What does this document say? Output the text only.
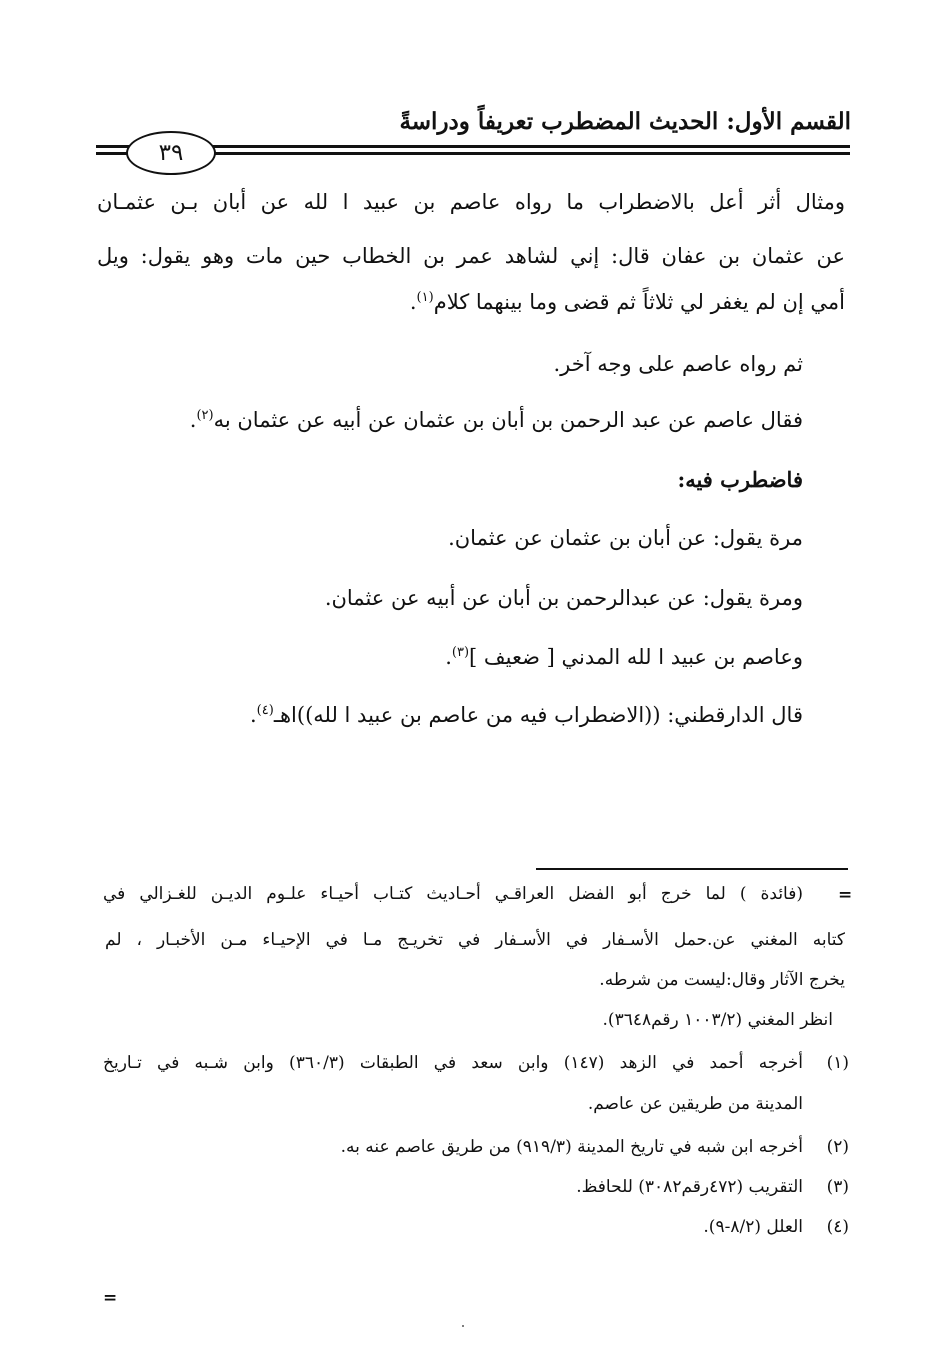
القسم الأول: الحديث المضطرب تعريفاً ودراسةً
٣٩
ومثال أثر أعل بالاضطراب ما رواه عاصم بن عبيد ا لله عن أبان بـن عثمـان
عن عثمان بن عفان قال: إني لشاهد عمر بن الخطاب حين مات وهو يقول: ويل
أمي إن لم يغفر لي ثلاثاً ثم قضى وما بينهما كلام$^{(١)}$.
ثم رواه عاصم على وجه آخر.
فقال عاصم عن عبد الرحمن بن أبان بن عثمان عن أبيه عن عثمان به$^{(٢)}$.
فاضطرب فيه:
مرة يقول: عن أبان بن عثمان عن عثمان.
ومرة يقول: عن عبدالرحمن بن أبان عن أبيه عن عثمان.
وعاصم بن عبيد ا لله المدني [ ضعيف ]$^{(٣)}$.
قال الدارقطني: ((الاضطراب فيه من عاصم بن عبيد ا لله))اهـ$^{(٤)}$.
=
(فائدة ) لما خرج أبو الفضل العراقـي أحـاديث كتـاب أحيـاء علـوم الديـن للغـزالي في
كتابه المغني عن.حمل الأسـفار في الأسـفار في تخريـج مـا في الإحيـاء مـن الأخبـار ، لم
يخرج الآثار وقال:ليست من شرطه.
انظر المغني (١٠٠٣/٢ رقم٣٦٤٨).
(١)
أخرجه أحمد في الزهد (١٤٧) وابن سعد في الطبقات (٣٦٠/٣) وابن شـبه في تـاريخ
المدينة من طريقين عن عاصم.
(٢)
أخرجه ابن شبه في تاريخ المدينة (٩١٩/٣) من طريق عاصم عنه به.
(٣)
التقريب (٤٧٢رقم٣٠٨٢) للحافظ.
(٤)
العلل (٨/٢-٩).
=
